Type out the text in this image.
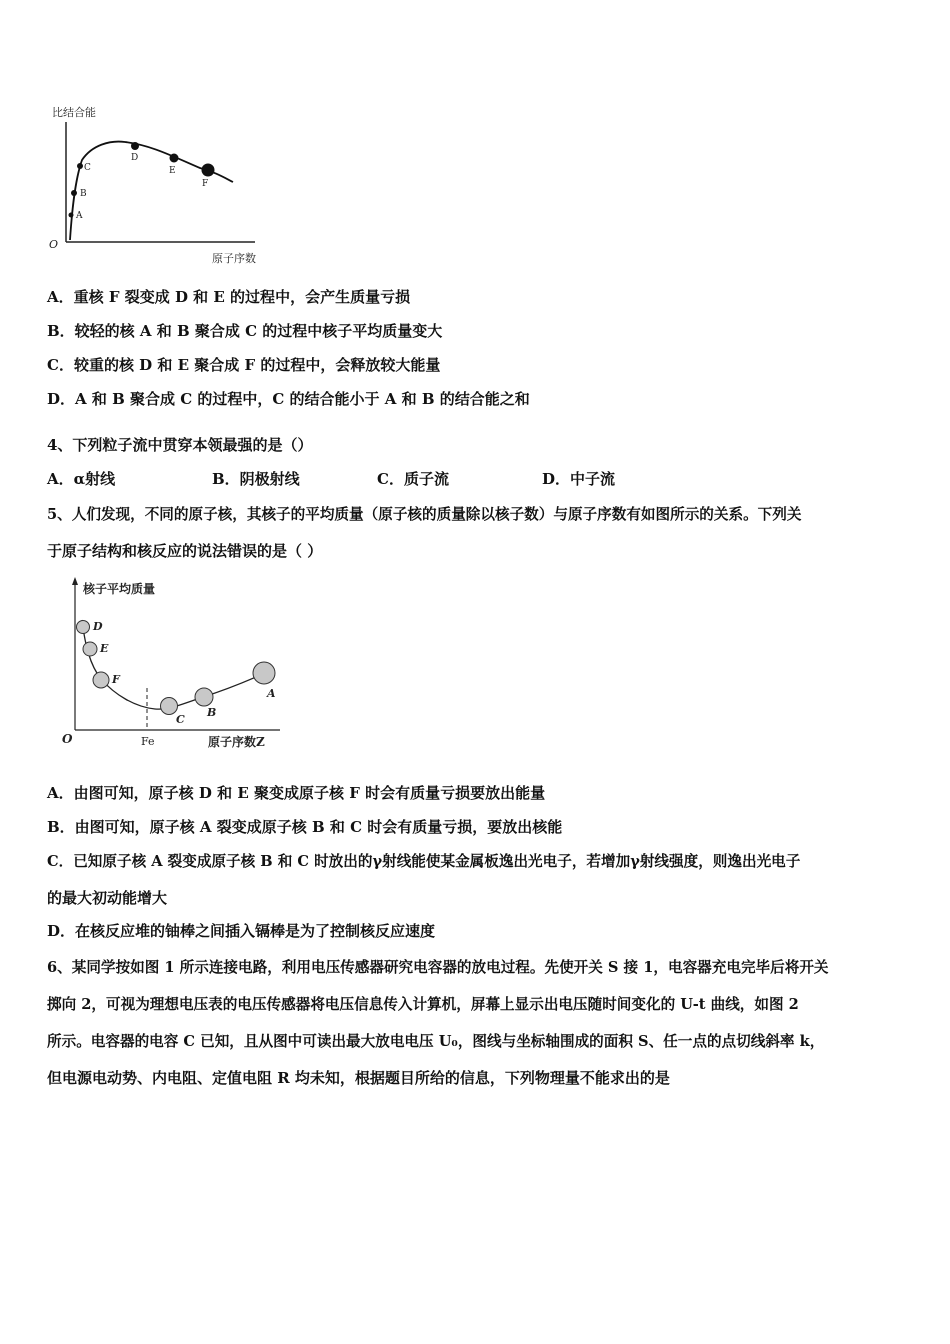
比结合能
O
原子序数
A
B
C
D
E
F
A．重核 F 裂变成 D 和 E 的过程中，会产生质量亏损
B．较轻的核 A 和 B 聚合成 C 的过程中核子平均质量变大
C．较重的核 D 和 E 聚合成 F 的过程中，会释放较大能量
D．A 和 B 聚合成 C 的过程中，C 的结合能小于 A 和 B 的结合能之和
4、下列粒子流中贯穿本领最强的是（）
A．α射线	B．阴极射线	C．质子流	D．中子流
5、人们发现，不同的原子核，其核子的平均质量（原子核的质量除以核子数）与原子序数有如图所示的关系。下列关
于原子结构和核反应的说法错误的是（ ）
核子平均质量
O	Fe	原子序数Z
D
E
F
C
B
A
A．由图可知，原子核 D 和 E 聚变成原子核 F 时会有质量亏损要放出能量
B．由图可知，原子核 A 裂变成原子核 B 和 C 时会有质量亏损，要放出核能
C．已知原子核 A 裂变成原子核 B 和 C 时放出的γ射线能使某金属板逸出光电子，若增加γ射线强度，则逸出光电子
的最大初动能增大
D．在核反应堆的铀棒之间插入镉棒是为了控制核反应速度
6、某同学按如图 1 所示连接电路，利用电压传感器研究电容器的放电过程。先使开关 S 接 1，电容器充电完毕后将开关
掷向 2，可视为理想电压表的电压传感器将电压信息传入计算机，屏幕上显示出电压随时间变化的 U-t 曲线，如图 2
所示。电容器的电容 C 已知，且从图中可读出最大放电电压 U₀，图线与坐标轴围成的面积 S、任一点的点切线斜率 k，
但电源电动势、内电阻、定值电阻 R 均未知，根据题目所给的信息，下列物理量不能求出的是
